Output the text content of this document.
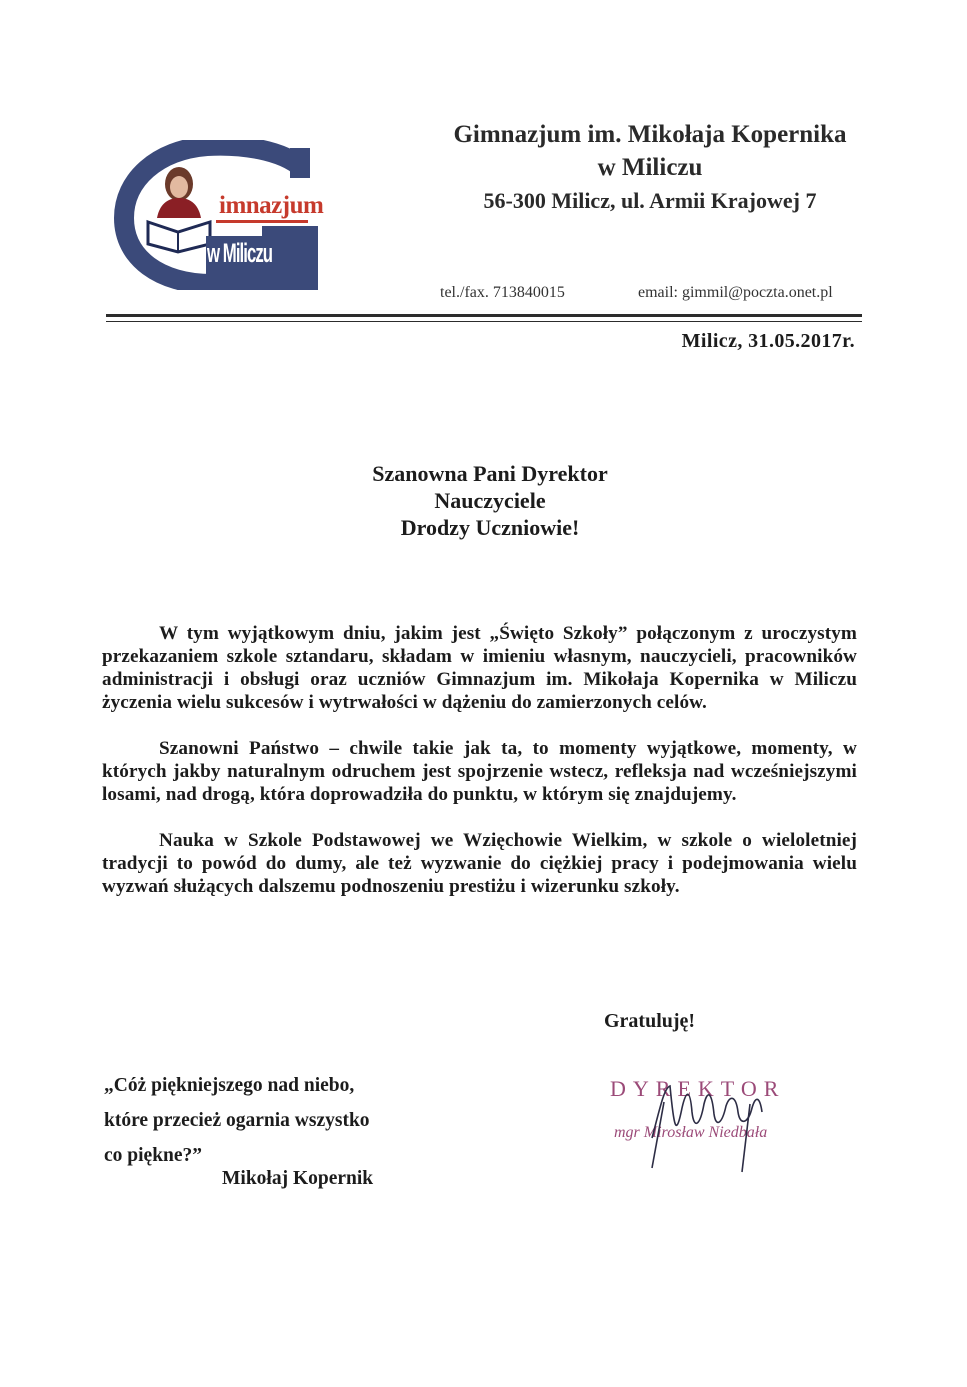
imnazjum
w Miliczu
Gimnazjum im. Mikołaja Kopernika
w Miliczu
56-300 Milicz, ul. Armii Krajowej 7
tel./fax. 713840015	email: gimmil@poczta.onet.pl
Milicz, 31.05.2017r.
Szanowna Pani Dyrektor
Nauczyciele
Drodzy Uczniowie!

W tym wyjątkowym dniu, jakim jest „Święto Szkoły” połączonym z uroczystym przekazaniem szkole sztandaru, składam w imieniu własnym, nauczycieli, pracowników administracji i obsługi oraz uczniów Gimnazjum im. Mikołaja Kopernika w Miliczu życzenia wielu sukcesów i wytrwałości w dążeniu do zamierzonych celów.

Szanowni Państwo – chwile takie jak ta, to momenty wyjątkowe, momenty, w których jakby naturalnym odruchem jest spojrzenie wstecz, refleksja nad wcześniejszymi losami, nad drogą, która doprowadziła do punktu, w którym się znajdujemy.

Nauka w Szkole Podstawowej we Wzięchowie Wielkim, w szkole o wieloletniej tradycji to powód do dumy, ale też wyzwanie do ciężkiej pracy i podejmowania wielu wyzwań służących dalszemu podnoszeniu prestiżu i wizerunku szkoły.

Gratuluję!
„Cóż piękniejszego nad niebo,
które przecież ogarnia wszystko
co piękne?”
Mikołaj Kopernik
DYREKTOR
mgr Mirosław Niedbała
